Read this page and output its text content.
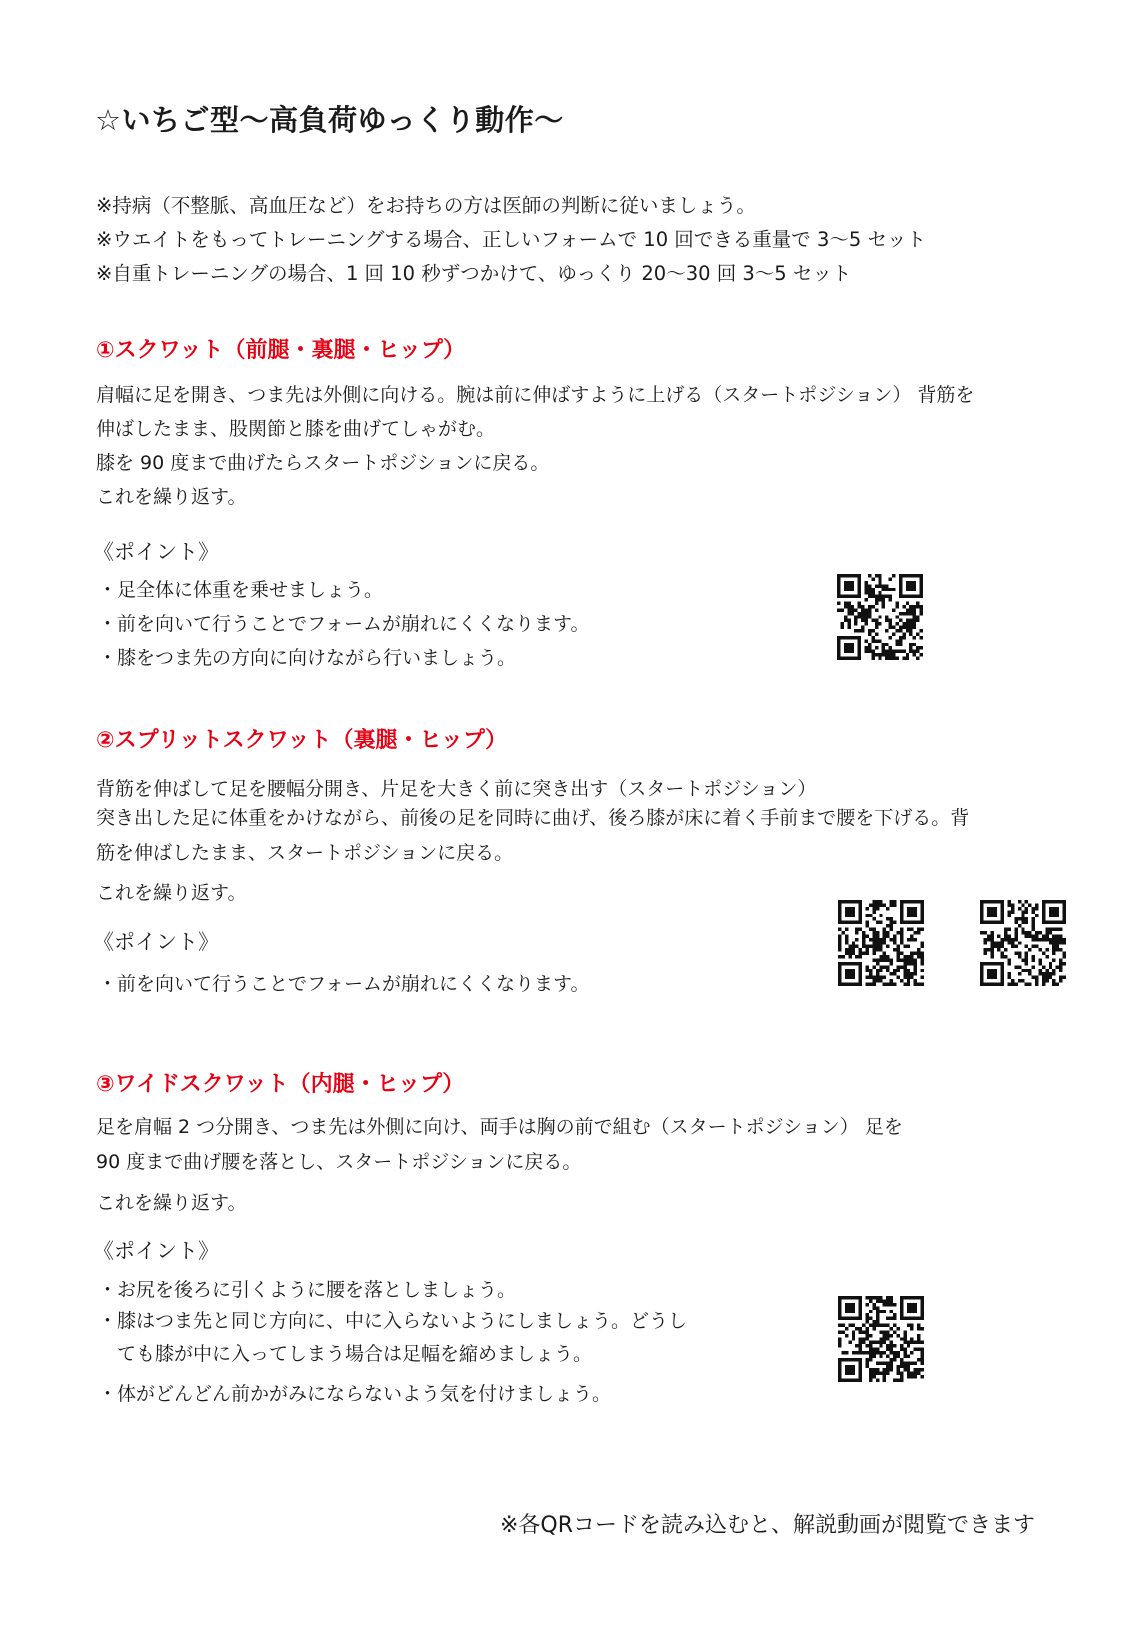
☆いちご型～高負荷ゆっくり動作～
※持病（不整脈、高血圧など）をお持ちの方は医師の判断に従いましょう。
※ウエイトをもってトレーニングする場合、正しいフォームで 10 回できる重量で 3～5 セット
※自重トレーニングの場合、1 回 10 秒ずつかけて、ゆっくり 20～30 回 3～5 セット
①スクワット（前腿・裏腿・ヒップ）
肩幅に足を開き、つま先は外側に向ける。腕は前に伸ばすように上げる（スタートポジション） 背筋を
伸ばしたまま、股関節と膝を曲げてしゃがむ。
膝を 90 度まで曲げたらスタートポジションに戻る。
これを繰り返す。
《ポイント》
・足全体に体重を乗せましょう。
・前を向いて行うことでフォームが崩れにくくなります。
・膝をつま先の方向に向けながら行いましょう。
②スプリットスクワット（裏腿・ヒップ）
背筋を伸ばして足を腰幅分開き、片足を大きく前に突き出す（スタートポジション）
突き出した足に体重をかけながら、前後の足を同時に曲げ、後ろ膝が床に着く手前まで腰を下げる。背
筋を伸ばしたまま、スタートポジションに戻る。
これを繰り返す。
《ポイント》
・前を向いて行うことでフォームが崩れにくくなります。
③ワイドスクワット（内腿・ヒップ）
足を肩幅 2 つ分開き、つま先は外側に向け、両手は胸の前で組む（スタートポジション） 足を
90 度まで曲げ腰を落とし、スタートポジションに戻る。
これを繰り返す。
《ポイント》
・お尻を後ろに引くように腰を落としましょう。
・膝はつま先と同じ方向に、中に入らないようにしましょう。どうし
　ても膝が中に入ってしまう場合は足幅を縮めましょう。
・体がどんどん前かがみにならないよう気を付けましょう。
※各QRコードを読み込むと、解説動画が閲覧できます
